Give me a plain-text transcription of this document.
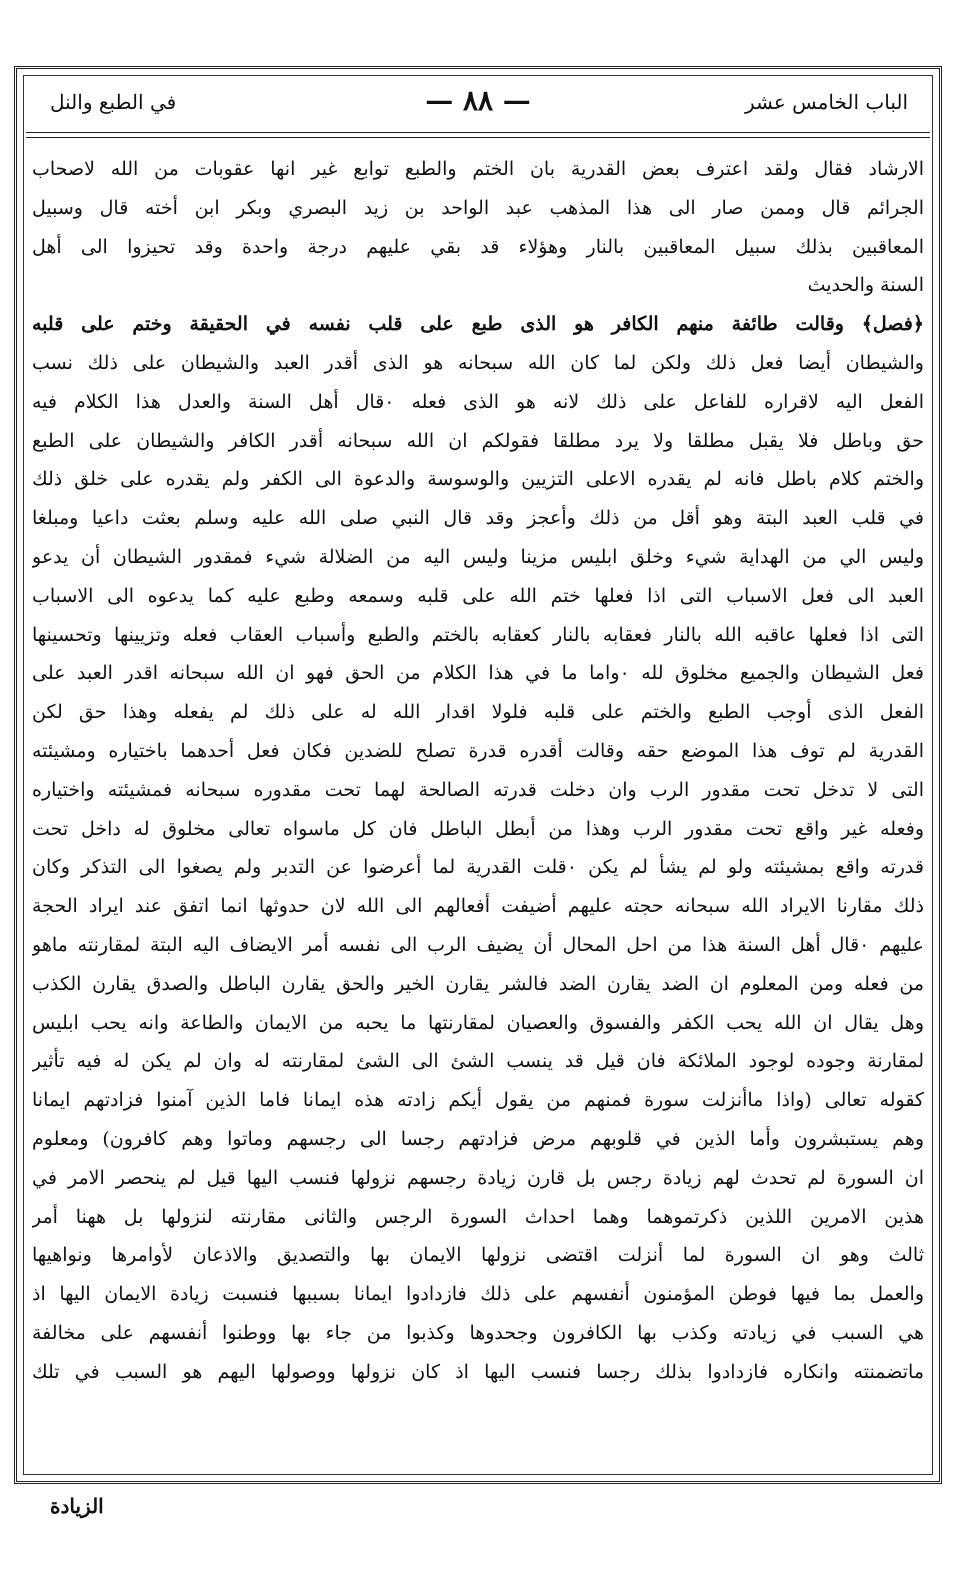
الباب الخامس عشر
— ٨٨ —
في الطبع والنل
الارشاد فقال ولقد اعترف بعض القدرية بان الختم والطبع توابع غير انها عقوبات من الله لاصحاب
الجرائم قال وممن صار الى هذا المذهب عبد الواحد بن زيد البصري وبكر ابن أخته قال وسبيل
المعاقبين بذلك سبيل المعاقبين بالنار وهؤلاء قد بقي عليهم درجة واحدة وقد تحيزوا الى أهل
السنة والحديث
﴿فصل﴾ وقالت طائفة منهم الكافر هو الذى طبع على قلب نفسه في الحقيقة وختم على قلبه
والشيطان أيضا فعل ذلك ولكن لما كان الله سبحانه هو الذى أقدر العبد والشيطان على ذلك نسب
الفعل اليه لاقراره للفاعل على ذلك لانه هو الذى فعله ٠قال أهل السنة والعدل هذا الكلام فيه
حق وباطل فلا يقبل مطلقا ولا يرد مطلقا فقولكم ان الله سبحانه أقدر الكافر والشيطان على الطبع
والختم كلام باطل فانه لم يقدره الاعلى التزيين والوسوسة والدعوة الى الكفر ولم يقدره على خلق ذلك
في قلب العبد البتة وهو أقل من ذلك وأعجز وقد قال النبي صلى الله عليه وسلم بعثت داعيا ومبلغا
وليس الي من الهداية شيء وخلق ابليس مزينا وليس اليه من الضلالة شيء فمقدور الشيطان أن يدعو
العبد الى فعل الاسباب التى اذا فعلها ختم الله على قلبه وسمعه وطبع عليه كما يدعوه الى الاسباب
التى اذا فعلها عاقبه الله بالنار فعقابه بالنار كعقابه بالختم والطبع وأسباب العقاب فعله وتزيينها وتحسينها
فعل الشيطان والجميع مخلوق لله ٠واما ما في هذا الكلام من الحق فهو ان الله سبحانه اقدر العبد على
الفعل الذى أوجب الطبع والختم على قلبه فلولا اقدار الله له على ذلك لم يفعله وهذا حق لكن
القدرية لم توف هذا الموضع حقه وقالت أقدره قدرة تصلح للضدين فكان فعل أحدهما باختياره ومشيئته
التى لا تدخل تحت مقدور الرب وان دخلت قدرته الصالحة لهما تحت مقدوره سبحانه فمشيئته واختياره
وفعله غير واقع تحت مقدور الرب وهذا من أبطل الباطل فان كل ماسواه تعالى مخلوق له داخل تحت
قدرته واقع بمشيئته ولو لم يشأ لم يكن ٠قلت القدرية لما أعرضوا عن التدبر ولم يصغوا الى التذكر وكان
ذلك مقارنا الايراد الله سبحانه حجته عليهم أضيفت أفعالهم الى الله لان حدوثها انما اتفق عند ايراد الحجة
عليهم ٠قال أهل السنة هذا من احل المحال أن يضيف الرب الى نفسه أمر الايضاف اليه البتة لمقارنته ماهو
من فعله ومن المعلوم ان الضد يقارن الضد فالشر يقارن الخير والحق يقارن الباطل والصدق يقارن الكذب
وهل يقال ان الله يحب الكفر والفسوق والعصيان لمقارنتها ما يحبه من الايمان والطاعة وانه يحب ابليس
لمقارنة وجوده لوجود الملائكة فان قيل قد ينسب الشئ الى الشئ لمقارنته له وان لم يكن له فيه تأثير
كقوله تعالى (واذا ماأنزلت سورة فمنهم من يقول أيكم زادته هذه ايمانا فاما الذين آمنوا فزادتهم ايمانا
وهم يستبشرون وأما الذين في قلوبهم مرض فزادتهم رجسا الى رجسهم وماتوا وهم كافرون) ومعلوم
ان السورة لم تحدث لهم زيادة رجس بل قارن زيادة رجسهم نزولها فنسب اليها قيل لم ينحصر الامر في
هذين الامرين اللذين ذكرتموهما وهما احداث السورة الرجس والثانى مقارنته لنزولها بل ههنا أمر
ثالث وهو ان السورة لما أنزلت اقتضى نزولها الايمان بها والتصديق والاذعان لأوامرها ونواهيها
والعمل بما فيها فوطن المؤمنون أنفسهم على ذلك فازدادوا ايمانا بسببها فنسبت زيادة الايمان اليها اذ
هي السبب في زيادته وكذب بها الكافرون وجحدوها وكذبوا من جاء بها ووطنوا أنفسهم على مخالفة
ماتضمنته وانكاره فازدادوا بذلك رجسا فنسب اليها اذ كان نزولها ووصولها اليهم هو السبب في تلك
الزيادة
